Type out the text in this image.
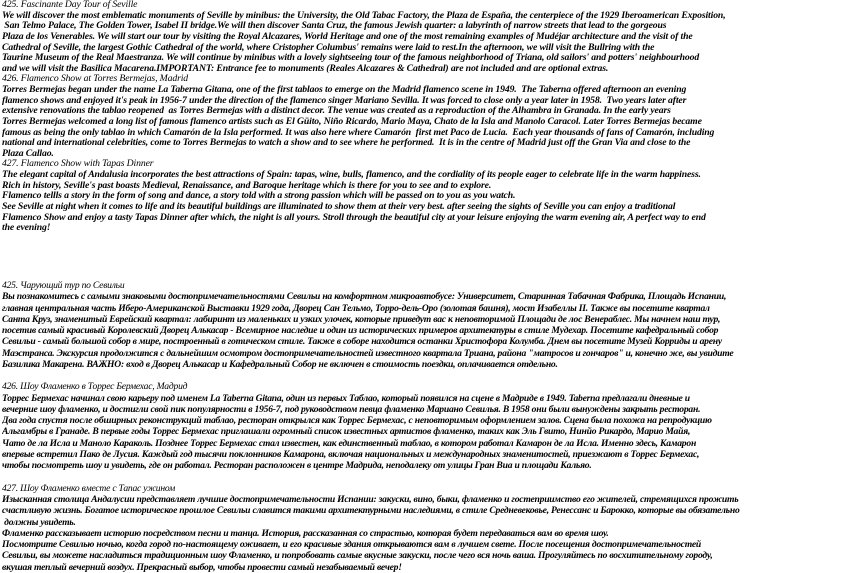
425. Fascinante Day Tour of Seville
We will discover the most emblematic monuments of Seville by minibus: the University, the Old Tabac Factory, the Plaza de España, the centerpiece of the 1929 Iberoamerican Exposition,
San Telmo Palace, The Golden Tower, Isabel II bridge.We will then discover Santa Cruz, the famous Jewish quarter: a labyrinth of narrow streets that lead to the gorgeous
Plaza de los Venerables. We will start our tour by visiting the Royal Alcazares, World Heritage and one of the most remaining examples of Mudéjar architecture and the visit of the
Cathedral of Seville, the largest Gothic Cathedral of the world, where Cristopher Columbus' remains were laid to rest.In the afternoon, we will visit the Bullring with the
Taurine Museum of the Real Maestranza. We will continue by minibus with a lovely sightseeing tour of the famous neighborhood of Triana, old sailors' and potters' neighbourhood
and we will visit the Basilica Macarena.IMPORTANT: Entrance fee to monuments (Reales Alcazares & Cathedral) are not included and are optional extras.
426. Flamenco Show at Torres Bermejas, Madrid
Torres Bermejas began under the name La Taberna Gitana, one of the first tablaos to emerge on the Madrid flamenco scene in 1949.  The Taberna offered afternoon an evening
flamenco shows and enjoyed it's peak in 1956-7 under the direction of the flamenco singer Mariano Sevilla. It was forced to close only a year later in 1958.  Two years later after
extensive renovations the tablao reopened  as Torres Bermejas with a distinct decor. The venue was created as a reproduction of the Alhambra in Granada. In the early years
Torres Bermejas welcomed a long list of famous flamenco artists such as El Güito, Niño Ricardo, Mario Maya, Chato de la Isla and Manolo Caracol. Later Torres Bermejas became
famous as being the only tablao in which Camarón de la Isla performed. It was also here where Camarón  first met Paco de Lucia.  Each year thousands of fans of Camarón, including
national and international celebrities, come to Torres Bermejas to watch a show and to see where he performed.  It is in the centre of Madrid just off the Gran Via and close to the
Plaza Callao.
427. Flamenco Show with Tapas Dinner
The elegant capital of Andalusia incorporates the best attractions of Spain: tapas, wine, bulls, flamenco, and the cordiality of its people eager to celebrate life in the warm happiness.
Rich in history, Seville's past boasts Medieval, Renaissance, and Baroque heritage which is there for you to see and to explore.
Flamenco tellls a story in the form of song and dance, a story told with a strong passion which will be passed on to you as you watch.
See Seville at night when it comes to life and its beautiful buildings are illuminated to show them at their very best. after seeing the sights of Seville you can enjoy a traditional
Flamenco Show and enjoy a tasty Tapas Dinner after which, the night is all yours. Stroll through the beautiful city at your leisure enjoying the warm evening air, A perfect way to end
the evening!
425. Чарующий тур по Севильи
Вы познакомитесь с самыми знаковыми достопримечательностями Севильи на комфортном микроавтобусе: Университет, Старинная Табачная Фабрика, Площадь Испании,
главная центральная часть Иберо-Американской Выставки 1929 года, Дворец Сан Тельмо, Торро-дель-Оро (золотая башня), мост Изабеллы II. Также вы посетите квартал
Санта Круз, знаменитый Еврейский квартал: лабиринт из маленьких и узких улочек, которые приведут вас к неповторимой Площади де лос Венераблес. Мы начнем наш тур,
посетив самый красивый Королевский Дворец Алькасар - Всемирное наследие и один из исторических примеров архитектуры в стиле Мудехар. Посетите кафедральный собор
Севильи - самый большой собор в мире, построенный в готическом стиле. Также в соборе находится останки Христофора Колумба. Днем вы посетите Музей Корриды и арену
Маэстранса. Экскурсия продолжится с дальнейшим осмотром достопримечательностей известного квартала Триана, района "матросов и гончаров" и, конечно же, вы увидите
Базилика Макарена. ВАЖНО: вход в Дворец Алькасар и Кафедральный Собор не включен в стоимость поездки, оплачивается отдельно.

426. Шоу Фламенко в Торрес Бермехас, Мадрид
Торрес Бермехас начинал свою карьеру под именем La Taberna Gitana, один из первых Таблао, который появился на сцене в Мадриде в 1949. Taberna предлагали дневные и
вечерние шоу фламенко, и достигли свой пик популярности в 1956-7, под руководством певца фламенко Мариано Севилья. В 1958 они были вынуждены закрыть ресторан.
Два года спустя после обширных реконструкций таблао, ресторан открылся как Торрес Бермехас, с неповторимым оформлением залов. Сцена была похожа на репродукцию
Альгамбры в Гранаде. В первые годы Торрес Бермехас приглашали огромный список известных артистов фламенко, таких как Эль Гвито, Нинйо Рикардо, Марио Майя,
Чато де ла Исла и Маноло Караколь. Позднее Торрес Бермехас стал известен, как единственный таблао, в котором работал Камарон де ла Исла. Именно здесь, Камарон
впервые встретил Пако де Лусия. Каждый год тысячи поклонников Камарона, включая национальных и международных знаменитостей, приезжают в Торрес Бермехас,
чтобы посмотреть шоу и увидеть, где он работал. Ресторан расположен в центре Мадрида, неподалеку от улицы Гран Виа и площади Кальяо.

427. Шоу Фламенко вместе с Тапас ужином
Изысканная столица Андалусии представляет лучшие достопримечательности Испании: закуски, вино, быки, фламенко и гостеприимство его жителей, стремящихся прожить
счастливую жизнь. Богатое историческое прошлое Севильи славится такими архитектурными наследиями, в стиле Средневековье, Ренессанс и Барокко, которые вы обязательно
должны увидеть.
Фламенко рассказывает историю посредством песни и танца. История, рассказанная со страстью, которая будет передаваться вам во время шоу.
Посмотрите Севилью ночью, когда город по-настоящему оживает, и его красивые здания открываются вам в лучшем свете. После посещения достопримечательностей
Севильи, вы можете насладиться традиционным шоу Фламенко, и попробовать самые вкусные закуски, после чего вся ночь ваша. Прогуляйтесь по восхитительному городу,
вкушая теплый вечерний воздух. Прекрасный выбор, чтобы провести самый незабываемый вечер!
